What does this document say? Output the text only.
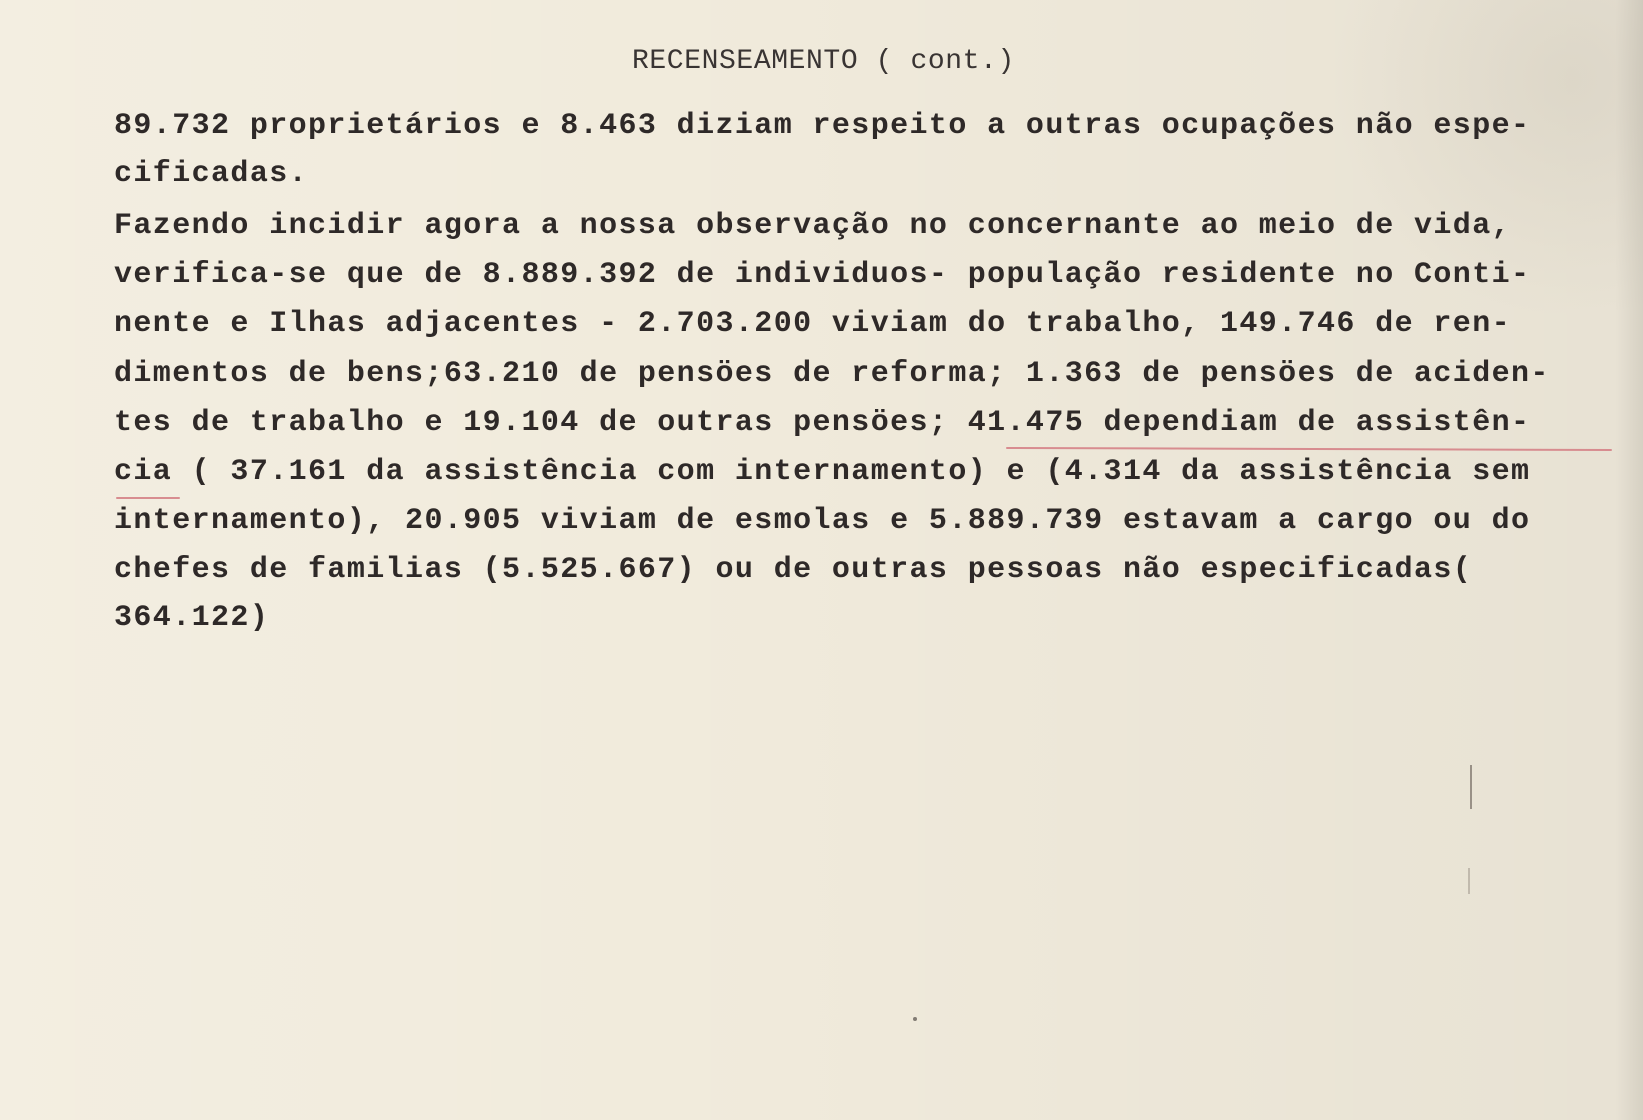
RECENSEAMENTO ( cont.)
89.732 proprietários e 8.463 diziam respeito a outras ocupações não espe-
cificadas.
Fazendo incidir agora a nossa observação no concernante ao meio de vida,
verifica-se que de 8.889.392 de individuos- população residente no Conti-
nente e Ilhas adjacentes - 2.703.200 viviam do trabalho, 149.746 de ren-
dimentos de bens;63.210 de pensöes de reforma; 1.363 de pensöes de aciden-
tes de trabalho e 19.104 de outras pensöes; 41.475 dependiam de assistên-
cia ( 37.161 da assistência com internamento) e (4.314 da assistência sem
internamento), 20.905 viviam de esmolas e 5.889.739 estavam a cargo ou do
chefes de familias (5.525.667) ou de outras pessoas não especificadas(
364.122)
